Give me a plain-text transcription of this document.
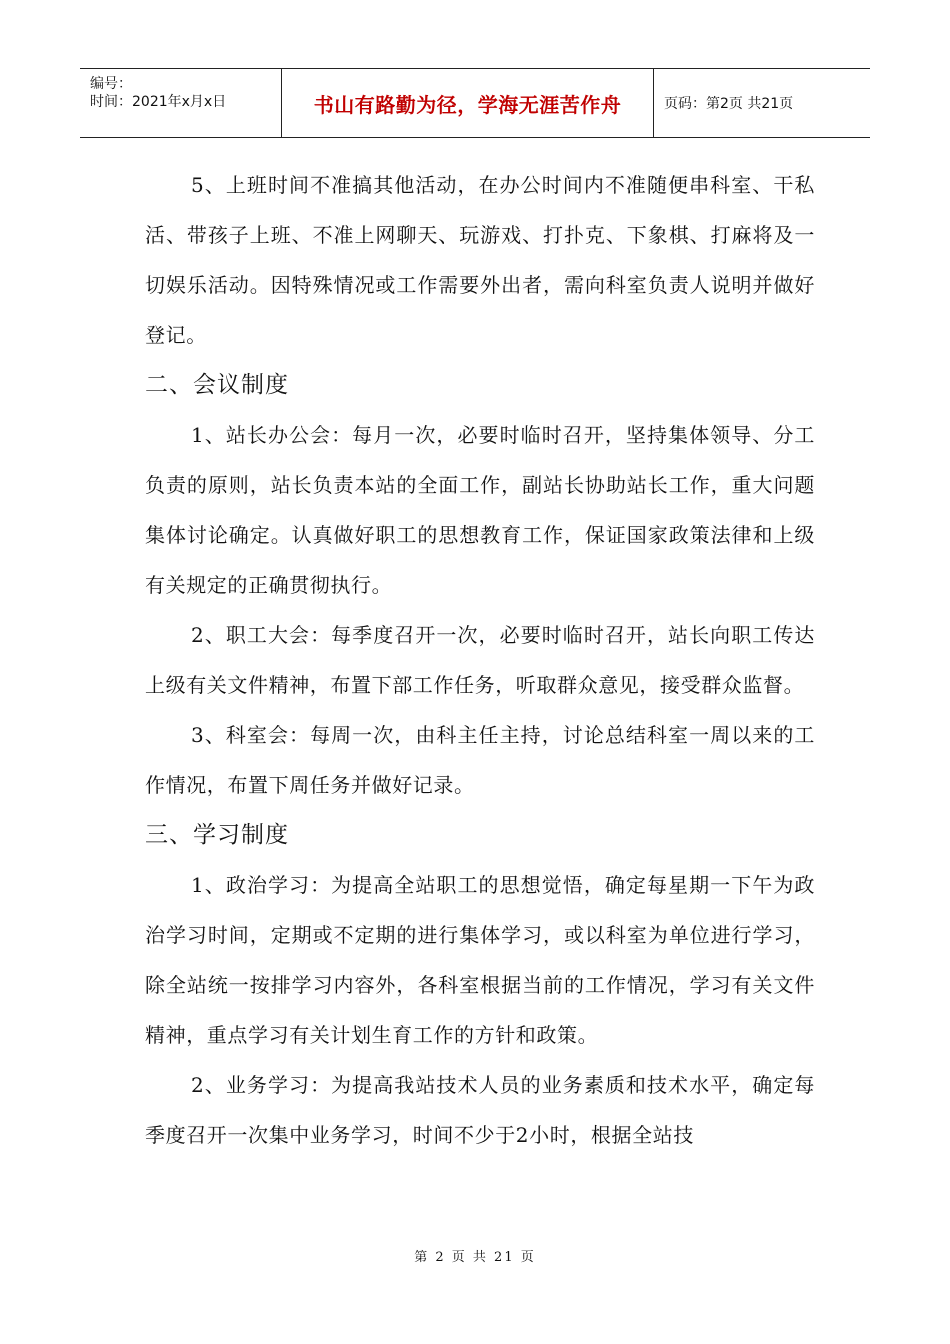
编号：
时间：2021年x月x日	书山有路勤为径，学海无涯苦作舟	页码：第2页 共21页

5、上班时间不准搞其他活动，在办公时间内不准随便串科室、干私活、带孩子上班、不准上网聊天、玩游戏、打扑克、下象棋、打麻将及一切娱乐活动。因特殊情况或工作需要外出者，需向科室负责人说明并做好登记。

二、会议制度

1、站长办公会：每月一次，必要时临时召开，坚持集体领导、分工负责的原则，站长负责本站的全面工作，副站长协助站长工作，重大问题集体讨论确定。认真做好职工的思想教育工作，保证国家政策法律和上级有关规定的正确贯彻执行。

2、职工大会：每季度召开一次，必要时临时召开，站长向职工传达上级有关文件精神，布置下部工作任务，听取群众意见，接受群众监督。

3、科室会：每周一次，由科主任主持，讨论总结科室一周以来的工作情况，布置下周任务并做好记录。

三、学习制度

1、政治学习：为提高全站职工的思想觉悟，确定每星期一下午为政治学习时间，定期或不定期的进行集体学习，或以科室为单位进行学习，除全站统一按排学习内容外，各科室根据当前的工作情况，学习有关文件精神，重点学习有关计划生育工作的方针和政策。

2、业务学习：为提高我站技术人员的业务素质和技术水平，确定每季度召开一次集中业务学习，时间不少于2小时，根据全站技

第 2 页 共 21 页
